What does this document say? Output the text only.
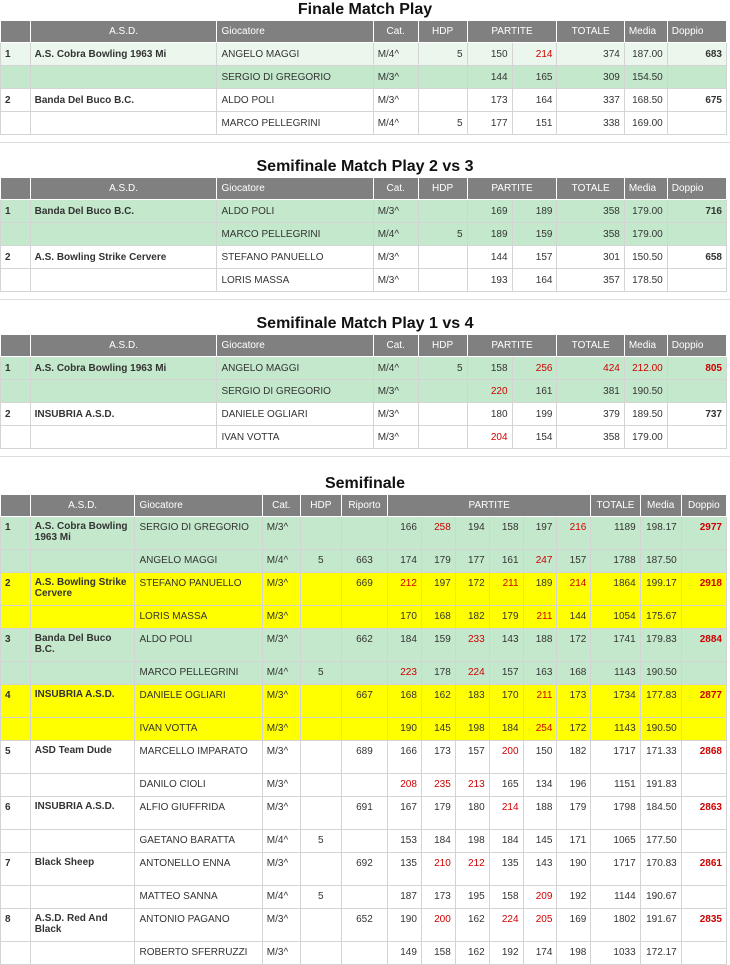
Finale Match Play
	A.S.D.	Giocatore	Cat.	HDP	PARTITE		TOTALE	Media	Doppio
1	A.S. Cobra Bowling 1963 Mi	ANGELO MAGGI	M/4^	5	150	214	374	187.00	683
		SERGIO DI GREGORIO	M/3^		144	165	309	154.50	
2	Banda Del Buco B.C.	ALDO POLI	M/3^		173	164	337	168.50	675
		MARCO PELLEGRINI	M/4^	5	177	151	338	169.00	
Semifinale Match Play 2 vs 3
	A.S.D.	Giocatore	Cat.	HDP	PARTITE		TOTALE	Media	Doppio
1	Banda Del Buco B.C.	ALDO POLI	M/3^		169	189	358	179.00	716
		MARCO PELLEGRINI	M/4^	5	189	159	358	179.00	
2	A.S. Bowling Strike Cervere	STEFANO PANUELLO	M/3^		144	157	301	150.50	658
		LORIS MASSA	M/3^		193	164	357	178.50	
Semifinale Match Play 1 vs 4
	A.S.D.	Giocatore	Cat.	HDP	PARTITE		TOTALE	Media	Doppio
1	A.S. Cobra Bowling 1963 Mi	ANGELO MAGGI	M/4^	5	158	256	424	212.00	805
		SERGIO DI GREGORIO	M/3^		220	161	381	190.50	
2	INSUBRIA A.S.D.	DANIELE OGLIARI	M/3^		180	199	379	189.50	737
		IVAN VOTTA	M/3^		204	154	358	179.00	
Semifinale
	A.S.D.	Giocatore	Cat.	HDP	Riporto	PARTITE						TOTALE	Media	Doppio
1	A.S. Cobra Bowling 1963 Mi	SERGIO DI GREGORIO	M/3^			166	258	194	158	197	216	1189	198.17	2977
		ANGELO MAGGI	M/4^	5	663	174	179	177	161	247	157	1788	187.50	
2	A.S. Bowling Strike Cervere	STEFANO PANUELLO	M/3^		669	212	197	172	211	189	214	1864	199.17	2918
		LORIS MASSA	M/3^			170	168	182	179	211	144	1054	175.67	
3	Banda Del Buco B.C.	ALDO POLI	M/3^		662	184	159	233	143	188	172	1741	179.83	2884
		MARCO PELLEGRINI	M/4^	5		223	178	224	157	163	168	1143	190.50	
4	INSUBRIA A.S.D.	DANIELE OGLIARI	M/3^		667	168	162	183	170	211	173	1734	177.83	2877
		IVAN VOTTA	M/3^			190	145	198	184	254	172	1143	190.50	
5	ASD Team Dude	MARCELLO IMPARATO	M/3^		689	166	173	157	200	150	182	1717	171.33	2868
		DANILO CIOLI	M/3^			208	235	213	165	134	196	1151	191.83	
6	INSUBRIA A.S.D.	ALFIO GIUFFRIDA	M/3^		691	167	179	180	214	188	179	1798	184.50	2863
		GAETANO BARATTA	M/4^	5		153	184	198	184	145	171	1065	177.50	
7	Black Sheep	ANTONELLO ENNA	M/3^		692	135	210	212	135	143	190	1717	170.83	2861
		MATTEO SANNA	M/4^	5		187	173	195	158	209	192	1144	190.67	
8	A.S.D. Red And Black	ANTONIO PAGANO	M/3^		652	190	200	162	224	205	169	1802	191.67	2835
		ROBERTO SFERRUZZI	M/3^			149	158	162	192	174	198	1033	172.17	
